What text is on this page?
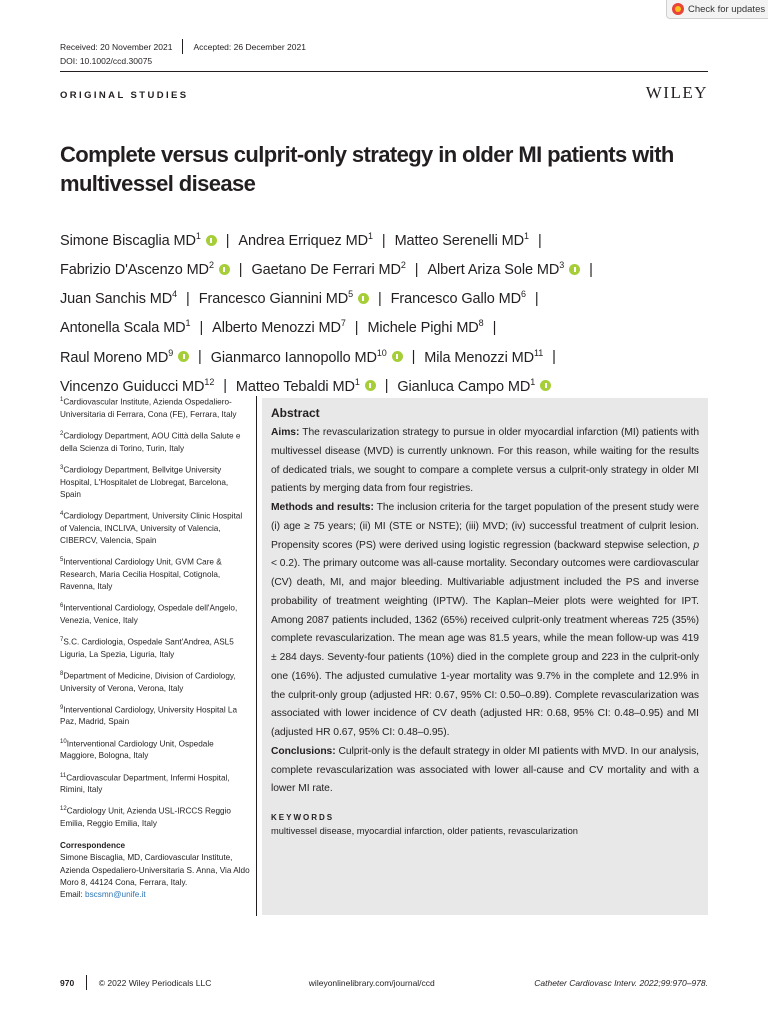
Check for updates
Received: 20 November 2021 Accepted: 26 December 2021
DOI: 10.1002/ccd.30075
ORIGINAL STUDIES	WILEY
Complete versus culprit-only strategy in older MI patients with
multivessel disease
Simone Biscaglia $MD^1$ | Andrea Erriquez $MD^1$ | Matteo Serenelli $MD^1$ |
Fabrizio D'Ascenzo $MD^2$ | Gaetano De Ferrari $MD^2$ | Albert Ariza Sole $MD^3$ |
Juan Sanchis $MD^4$ | Francesco Giannini $MD^5$ | Francesco Gallo $MD^6$ |
Antonella Scala $MD^1$ | Alberto Menozzi $MD^7$ | Michele Pighi $MD^8$ |
Raul Moreno $MD^9$ | Gianmarco Iannopollo MD$^{10}$ | Mila Menozzi MD$^{11}$ |
Vincenzo Guiducci MD$^{12}$ | Matteo Tebaldi $MD^1$ | Gianluca Campo $MD^1$
$^1$Cardiovascular Institute, Azienda Ospedaliero-Universitaria di Ferrara, Cona (FE), Ferrara, Italy
$^2$Cardiology Department, AOU Città della Salute e della Scienza di Torino, Turin, Italy
$^3$Cardiology Department, Bellvitge University Hospital, L'Hospitalet de Llobregat, Barcelona, Spain
$^4$Cardiology Department, University Clinic Hospital of Valencia, INCLIVA, University of Valencia, CIBERCV, Valencia, Spain
$^5$Interventional Cardiology Unit, GVM Care & Research, Maria Cecilia Hospital, Cotignola, Ravenna, Italy
$^6$Interventional Cardiology, Ospedale dell'Angelo, Venezia, Venice, Italy
$^7$S.C. Cardiologia, Ospedale Sant'Andrea, ASL5 Liguria, La Spezia, Liguria, Italy
$^8$Department of Medicine, Division of Cardiology, University of Verona, Verona, Italy
$^9$Interventional Cardiology, University Hospital La Paz, Madrid, Spain
$^{10}$Interventional Cardiology Unit, Ospedale Maggiore, Bologna, Italy
$^{11}$Cardiovascular Department, Infermi Hospital, Rimini, Italy
$^{12}$Cardiology Unit, Azienda USL-IRCCS Reggio Emilia, Reggio Emilia, Italy
Correspondence
Simone Biscaglia, MD, Cardiovascular Institute, Azienda Ospedaliero-Universitaria S. Anna, Via Aldo Moro 8, 44124 Cona, Ferrara, Italy.
Email: bscsmn@unife.it
Abstract

Aims: The revascularization strategy to pursue in older myocardial infarction (MI) patients with multivessel disease (MVD) is currently unknown. For this reason, while waiting for the results of dedicated trials, we sought to compare a complete versus a culprit-only strategy in older MI patients by merging data from four registries.

Methods and results: The inclusion criteria for the target population of the present study were (i) age ≥ 75 years; (ii) MI (STE or NSTE); (iii) MVD; (iv) successful treatment of culprit lesion. Propensity scores (PS) were derived using logistic regression (backward stepwise selection, p < 0.2). The primary outcome was all-cause mortality. Secondary outcomes were cardiovascular (CV) death, MI, and major bleeding. Multivariable adjustment included the PS and inverse probability of treatment weighting (IPTW). The Kaplan–Meier plots were weighted for IPT. Among 2087 patients included, 1362 (65%) received culprit-only treatment whereas 725 (35%) complete revascularization. The mean age was 81.5 years, while the mean follow-up was 419 ± 284 days. Seventy-four patients (10%) died in the complete group and 223 in the culprit-only one (16%). The adjusted cumulative 1-year mortality was 9.7% in the complete and 12.9% in the culprit-only group (adjusted HR: 0.67, 95% CI: 0.50–0.89). Complete revascularization was associated with lower incidence of CV death (adjusted HR: 0.68, 95% CI: 0.48–0.95) and MI (adjusted HR 0.67, 95% CI: 0.48–0.95).

Conclusions: Culprit-only is the default strategy in older MI patients with MVD. In our analysis, complete revascularization was associated with lower all-cause and CV mortality and with a lower MI rate.

KEYWORDS
multivessel disease, myocardial infarction, older patients, revascularization
970	© 2022 Wiley Periodicals LLC	wileyonlinelibrary.com/journal/ccd	Catheter Cardiovasc Interv. 2022;99:970–978.
